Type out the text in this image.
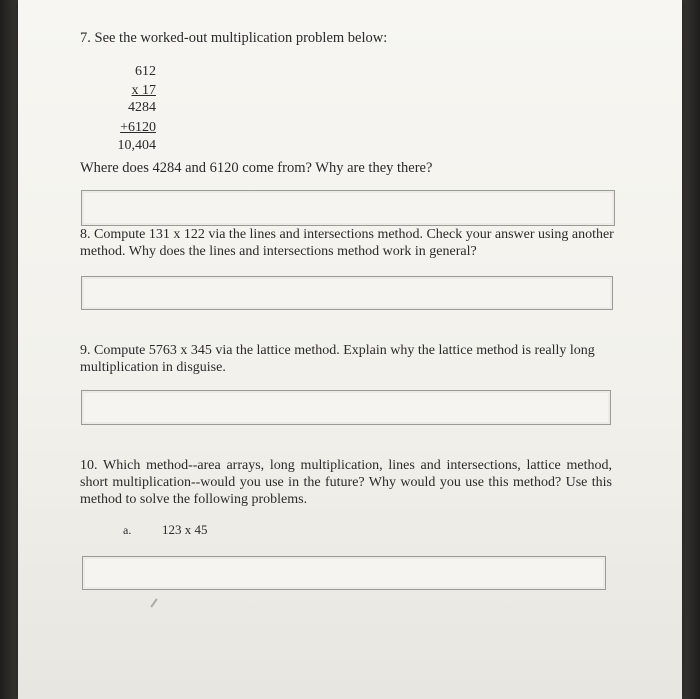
7. See the worked-out multiplication problem below:
612
x 17
4284
+6120
10,404
Where does 4284 and 6120 come from? Why are they there?
8. Compute 131 x 122 via the lines and intersections method. Check your answer using another method. Why does the lines and intersections method work in general?
9. Compute 5763 x 345 via the lattice method. Explain why the lattice method is really long multiplication in disguise.
10. Which method--area arrays, long multiplication, lines and intersections, lattice method, short multiplication--would you use in the future? Why would you use this method? Use this method to solve the following problems.
a. 123 x 45
